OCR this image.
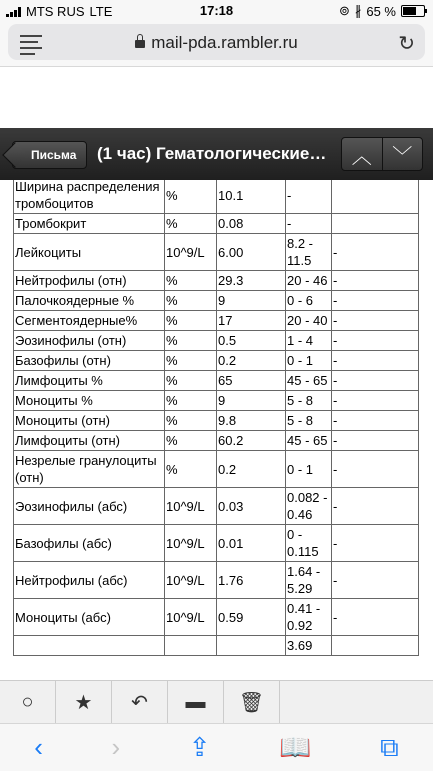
MTS RUS LTE	17:18	⊚ ∦ 65 %
mail-pda.rambler.ru	↻
Письма	(1 час) Гематологические…	︿ ﹀
Ширина распределения тромбоцитов	%	10.1	-	
Тромбокрит	%	0.08	-	
Лейкоциты	10^9/L	6.00	8.2 - 11.5	-
Нейтрофилы (отн)	%	29.3	20 - 46	-
Палочкоядерные %	%	9	0 - 6	-
Сегментоядерные%	%	17	20 - 40	-
Эозинофилы (отн)	%	0.5	1 - 4	-
Базофилы (отн)	%	0.2	0 - 1	-
Лимфоциты %	%	65	45 - 65	-
Моноциты %	%	9	5 - 8	-
Моноциты (отн)	%	9.8	5 - 8	-
Лимфоциты (отн)	%	60.2	45 - 65	-
Незрелые гранулоциты (отн)	%	0.2	0 - 1	-
Эозинофилы (абс)	10^9/L	0.03	0.082 - 0.46	-
Базофилы (абс)	10^9/L	0.01	0 - 0.115	-
Нейтрофилы (абс)	10^9/L	1.76	1.64 - 5.29	-
Моноциты (абс)	10^9/L	0.59	0.41 - 0.92	-
			3.69	
○ ★ ↶ ▬ 🗑
‹	›	⇪	📖	⧉
